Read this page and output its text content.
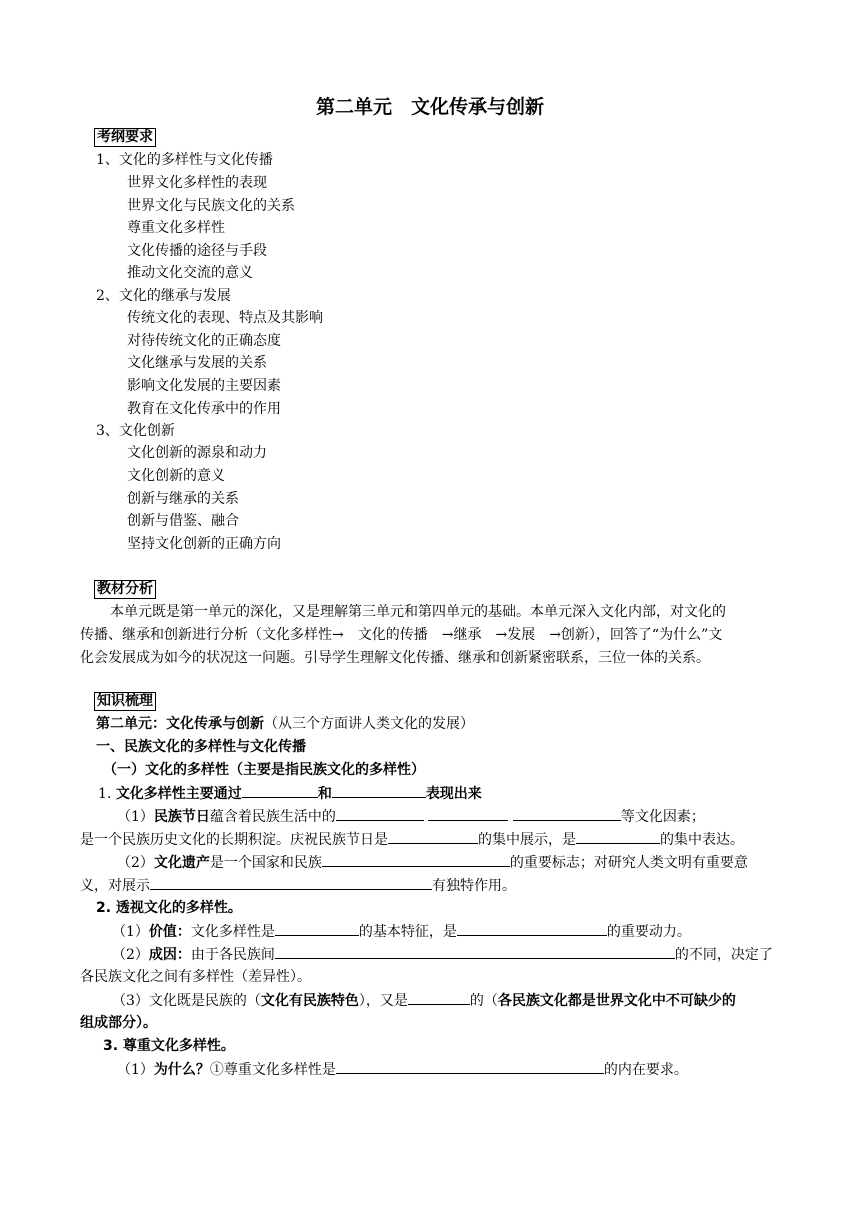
第二单元　文化传承与创新
考纲要求
1、文化的多样性与文化传播
世界文化多样性的表现
世界文化与民族文化的关系
尊重文化多样性
文化传播的途径与手段
推动文化交流的意义
2、文化的继承与发展
传统文化的表现、特点及其影响
对待传统文化的正确态度
文化继承与发展的关系
影响文化发展的主要因素
教育在文化传承中的作用
3、文化创新
文化创新的源泉和动力
文化创新的意义
创新与继承的关系
创新与借鉴、融合
坚持文化创新的正确方向
教材分析
本单元既是第一单元的深化，又是理解第三单元和第四单元的基础。本单元深入文化内部，对文化的
传播、继承和创新进行分析（文化多样性→　文化的传播　→继承　→发展　→创新），回答了“为什么”文
化会发展成为如今的状况这一问题。引导学生理解文化传播、继承和创新紧密联系，三位一体的关系。
知识梳理
第二单元：文化传承与创新（从三个方面讲人类文化的发展）
一、民族文化的多样性与文化传播
（一）文化的多样性（主要是指民族文化的多样性）
1. 文化多样性主要通过	和	表现出来
（1）民族节日蕴含着民族生活中的	等文化因素；
是一个民族历史文化的长期积淀。庆祝民族节日是	的集中展示，是	的集中表达。
（2）文化遗产是一个国家和民族	的重要标志；对研究人类文明有重要意
义，对展示	有独特作用。
2. 透视文化的多样性。
（1）价值：文化多样性是	的基本特征，是	的重要动力。
（2）成因：由于各民族间	的不同，决定了
各民族文化之间有多样性（差异性）。
（3）文化既是民族的（文化有民族特色），又是	的（各民族文化都是世界文化中不可缺少的
组成部分）。
3. 尊重文化多样性。
（1）为什么？①尊重文化多样性是	的内在要求。
